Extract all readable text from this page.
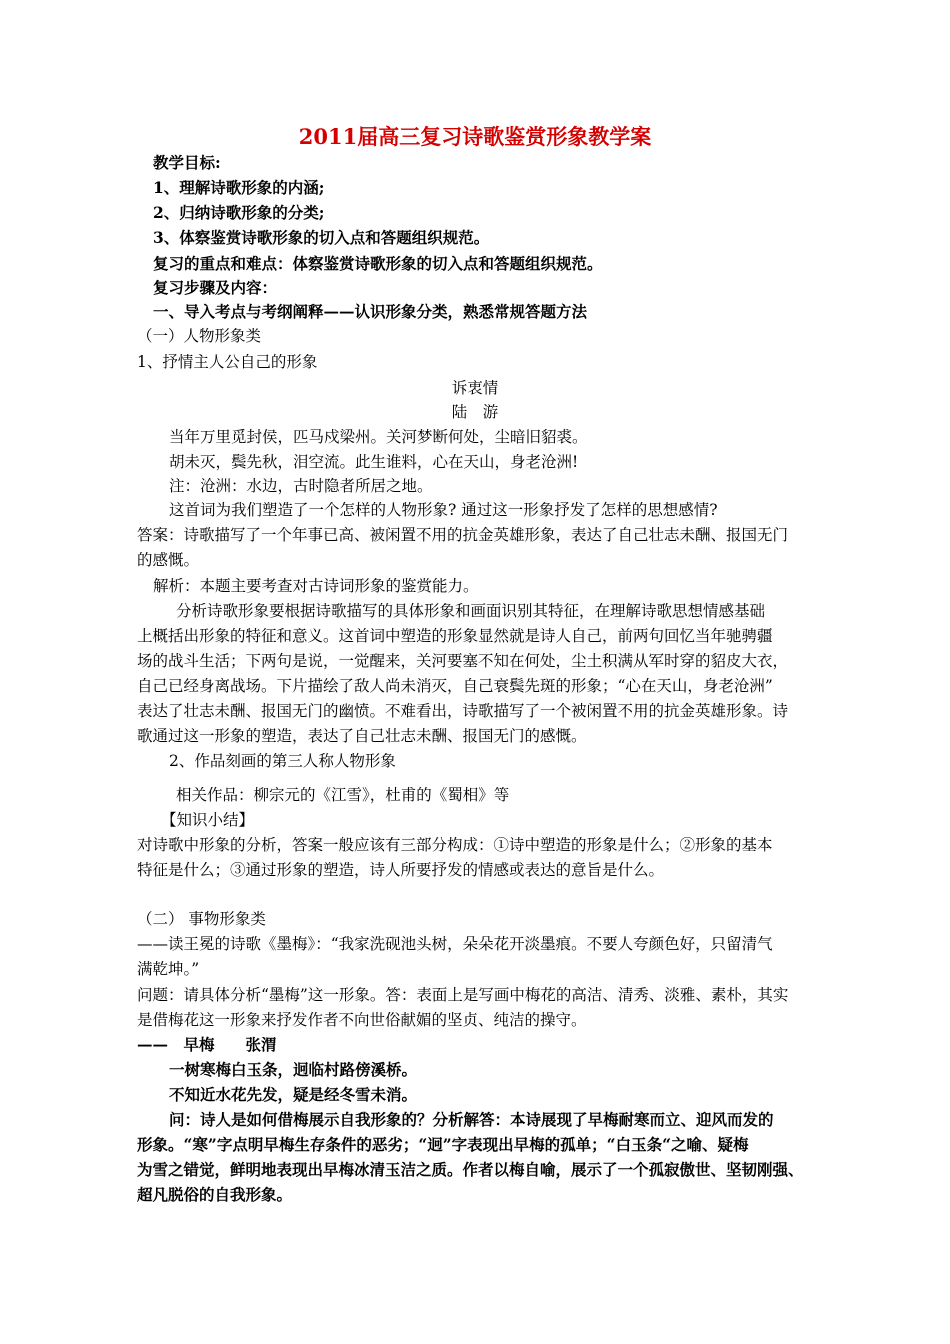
2011届高三复习诗歌鉴赏形象教学案
教学目标:
1、理解诗歌形象的内涵;
2、归纳诗歌形象的分类;
3、体察鉴赏诗歌形象的切入点和答题组织规范。
复习的重点和难点：体察鉴赏诗歌形象的切入点和答题组织规范。
复习步骤及内容：
一、导入考点与考纲阐释——认识形象分类，熟悉常规答题方法
（一）人物形象类
1、抒情主人公自己的形象
诉衷情
陆　游
当年万里觅封侯，匹马戍梁州。关河梦断何处，尘暗旧貂裘。
胡未灭，鬓先秋，泪空流。此生谁料，心在天山，身老沧洲!
注：沧洲：水边，古时隐者所居之地。
这首词为我们塑造了一个怎样的人物形象? 通过这一形象抒发了怎样的思想感情?
答案：诗歌描写了一个年事已高、被闲置不用的抗金英雄形象，表达了自己壮志未酬、报国无门
的感慨。
解析：本题主要考查对古诗词形象的鉴赏能力。
分析诗歌形象要根据诗歌描写的具体形象和画面识别其特征，在理解诗歌思想情感基础
上概括出形象的特征和意义。这首词中塑造的形象显然就是诗人自己，前两句回忆当年驰骋疆
场的战斗生活；下两句是说，一觉醒来，关河要塞不知在何处，尘土积满从军时穿的貂皮大衣，
自己已经身离战场。下片描绘了敌人尚未消灭，自己衰鬓先斑的形象；“心在天山，身老沧洲”
表达了壮志未酬、报国无门的幽愤。不难看出，诗歌描写了一个被闲置不用的抗金英雄形象。诗
歌通过这一形象的塑造，表达了自己壮志未酬、报国无门的感慨。
2、作品刻画的第三人称人物形象
相关作品：柳宗元的《江雪》，杜甫的《蜀相》等
【知识小结】
对诗歌中形象的分析，答案一般应该有三部分构成：①诗中塑造的形象是什么；②形象的基本
特征是什么；③通过形象的塑造，诗人所要抒发的情感或表达的意旨是什么。
（二） 事物形象类
——读王冕的诗歌《墨梅》：“我家洗砚池头树，朵朵花开淡墨痕。不要人夸颜色好，只留清气
满乾坤。”
问题：请具体分析“墨梅”这一形象。答：表面上是写画中梅花的高洁、清秀、淡雅、素朴，其实
是借梅花这一形象来抒发作者不向世俗献媚的坚贞、纯洁的操守。
——　早梅　　张渭
一树寒梅白玉条，迥临村路傍溪桥。
不知近水花先发，疑是经冬雪未消。
问：诗人是如何借梅展示自我形象的？分析解答：本诗展现了早梅耐寒而立、迎风而发的
形象。“寒”字点明早梅生存条件的恶劣；“迥”字表现出早梅的孤单；“白玉条“之喻、疑梅
为雪之错觉，鲜明地表现出早梅冰清玉洁之质。作者以梅自喻，展示了一个孤寂傲世、坚韧刚强、
超凡脱俗的自我形象。
